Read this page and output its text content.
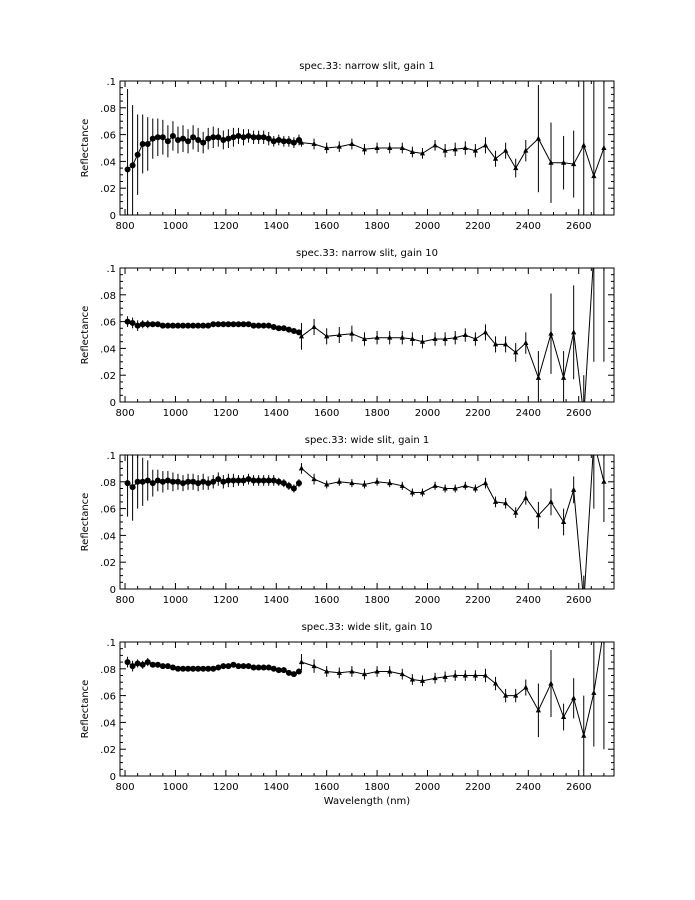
spec.33: narrow slit, gain 1
Reflectance
0
.02
.04
.06
.08
.1
800	1000 1200 1400 1600 1800 2000 2200 2400 2600
spec.33: narrow slit, gain 10
Reflectance
0
.02
.04
.06
.08
.1
800	1000 1200 1400 1600 1800 2000 2200 2400 2600
spec.33: wide slit, gain 1
Reflectance
0
.02
.04
.06
.08
.1
800	1000 1200 1400 1600 1800 2000 2200 2400 2600
spec.33: wide slit, gain 10
Reflectance
0
.02
.04
.06
.08
.1
800	1000 1200 1400 1600 1800 2000 2200 2400 2600
Wavelength (nm)
